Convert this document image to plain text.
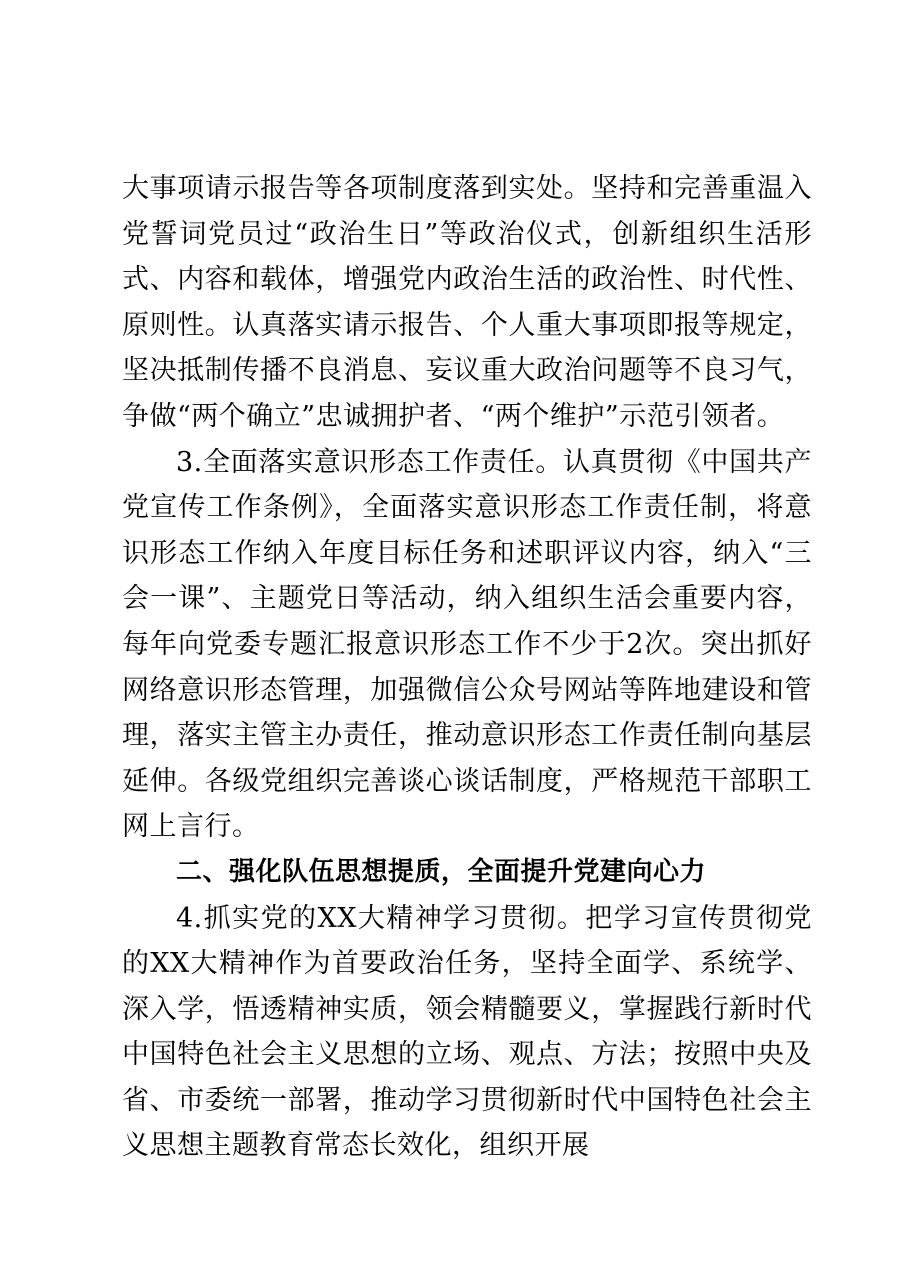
大事项请示报告等各项制度落到实处。坚持和完善重温入党誓词党员过“政治生日”等政治仪式，创新组织生活形式、内容和载体，增强党内政治生活的政治性、时代性、原则性。认真落实请示报告、个人重大事项即报等规定，坚决抵制传播不良消息、妄议重大政治问题等不良习气，争做“两个确立”忠诚拥护者、“两个维护”示范引领者。

3.全面落实意识形态工作责任。认真贯彻《中国共产党宣传工作条例》，全面落实意识形态工作责任制，将意识形态工作纳入年度目标任务和述职评议内容，纳入“三会一课”、主题党日等活动，纳入组织生活会重要内容，每年向党委专题汇报意识形态工作不少于2次。突出抓好网络意识形态管理，加强微信公众号网站等阵地建设和管理，落实主管主办责任，推动意识形态工作责任制向基层延伸。各级党组织完善谈心谈话制度，严格规范干部职工网上言行。

二、强化队伍思想提质，全面提升党建向心力

4.抓实党的XX大精神学习贯彻。把学习宣传贯彻党的XX大精神作为首要政治任务，坚持全面学、系统学、深入学，悟透精神实质，领会精髓要义，掌握践行新时代中国特色社会主义思想的立场、观点、方法；按照中央及省、市委统一部署，推动学习贯彻新时代中国特色社会主义思想主题教育常态长效化，组织开展
